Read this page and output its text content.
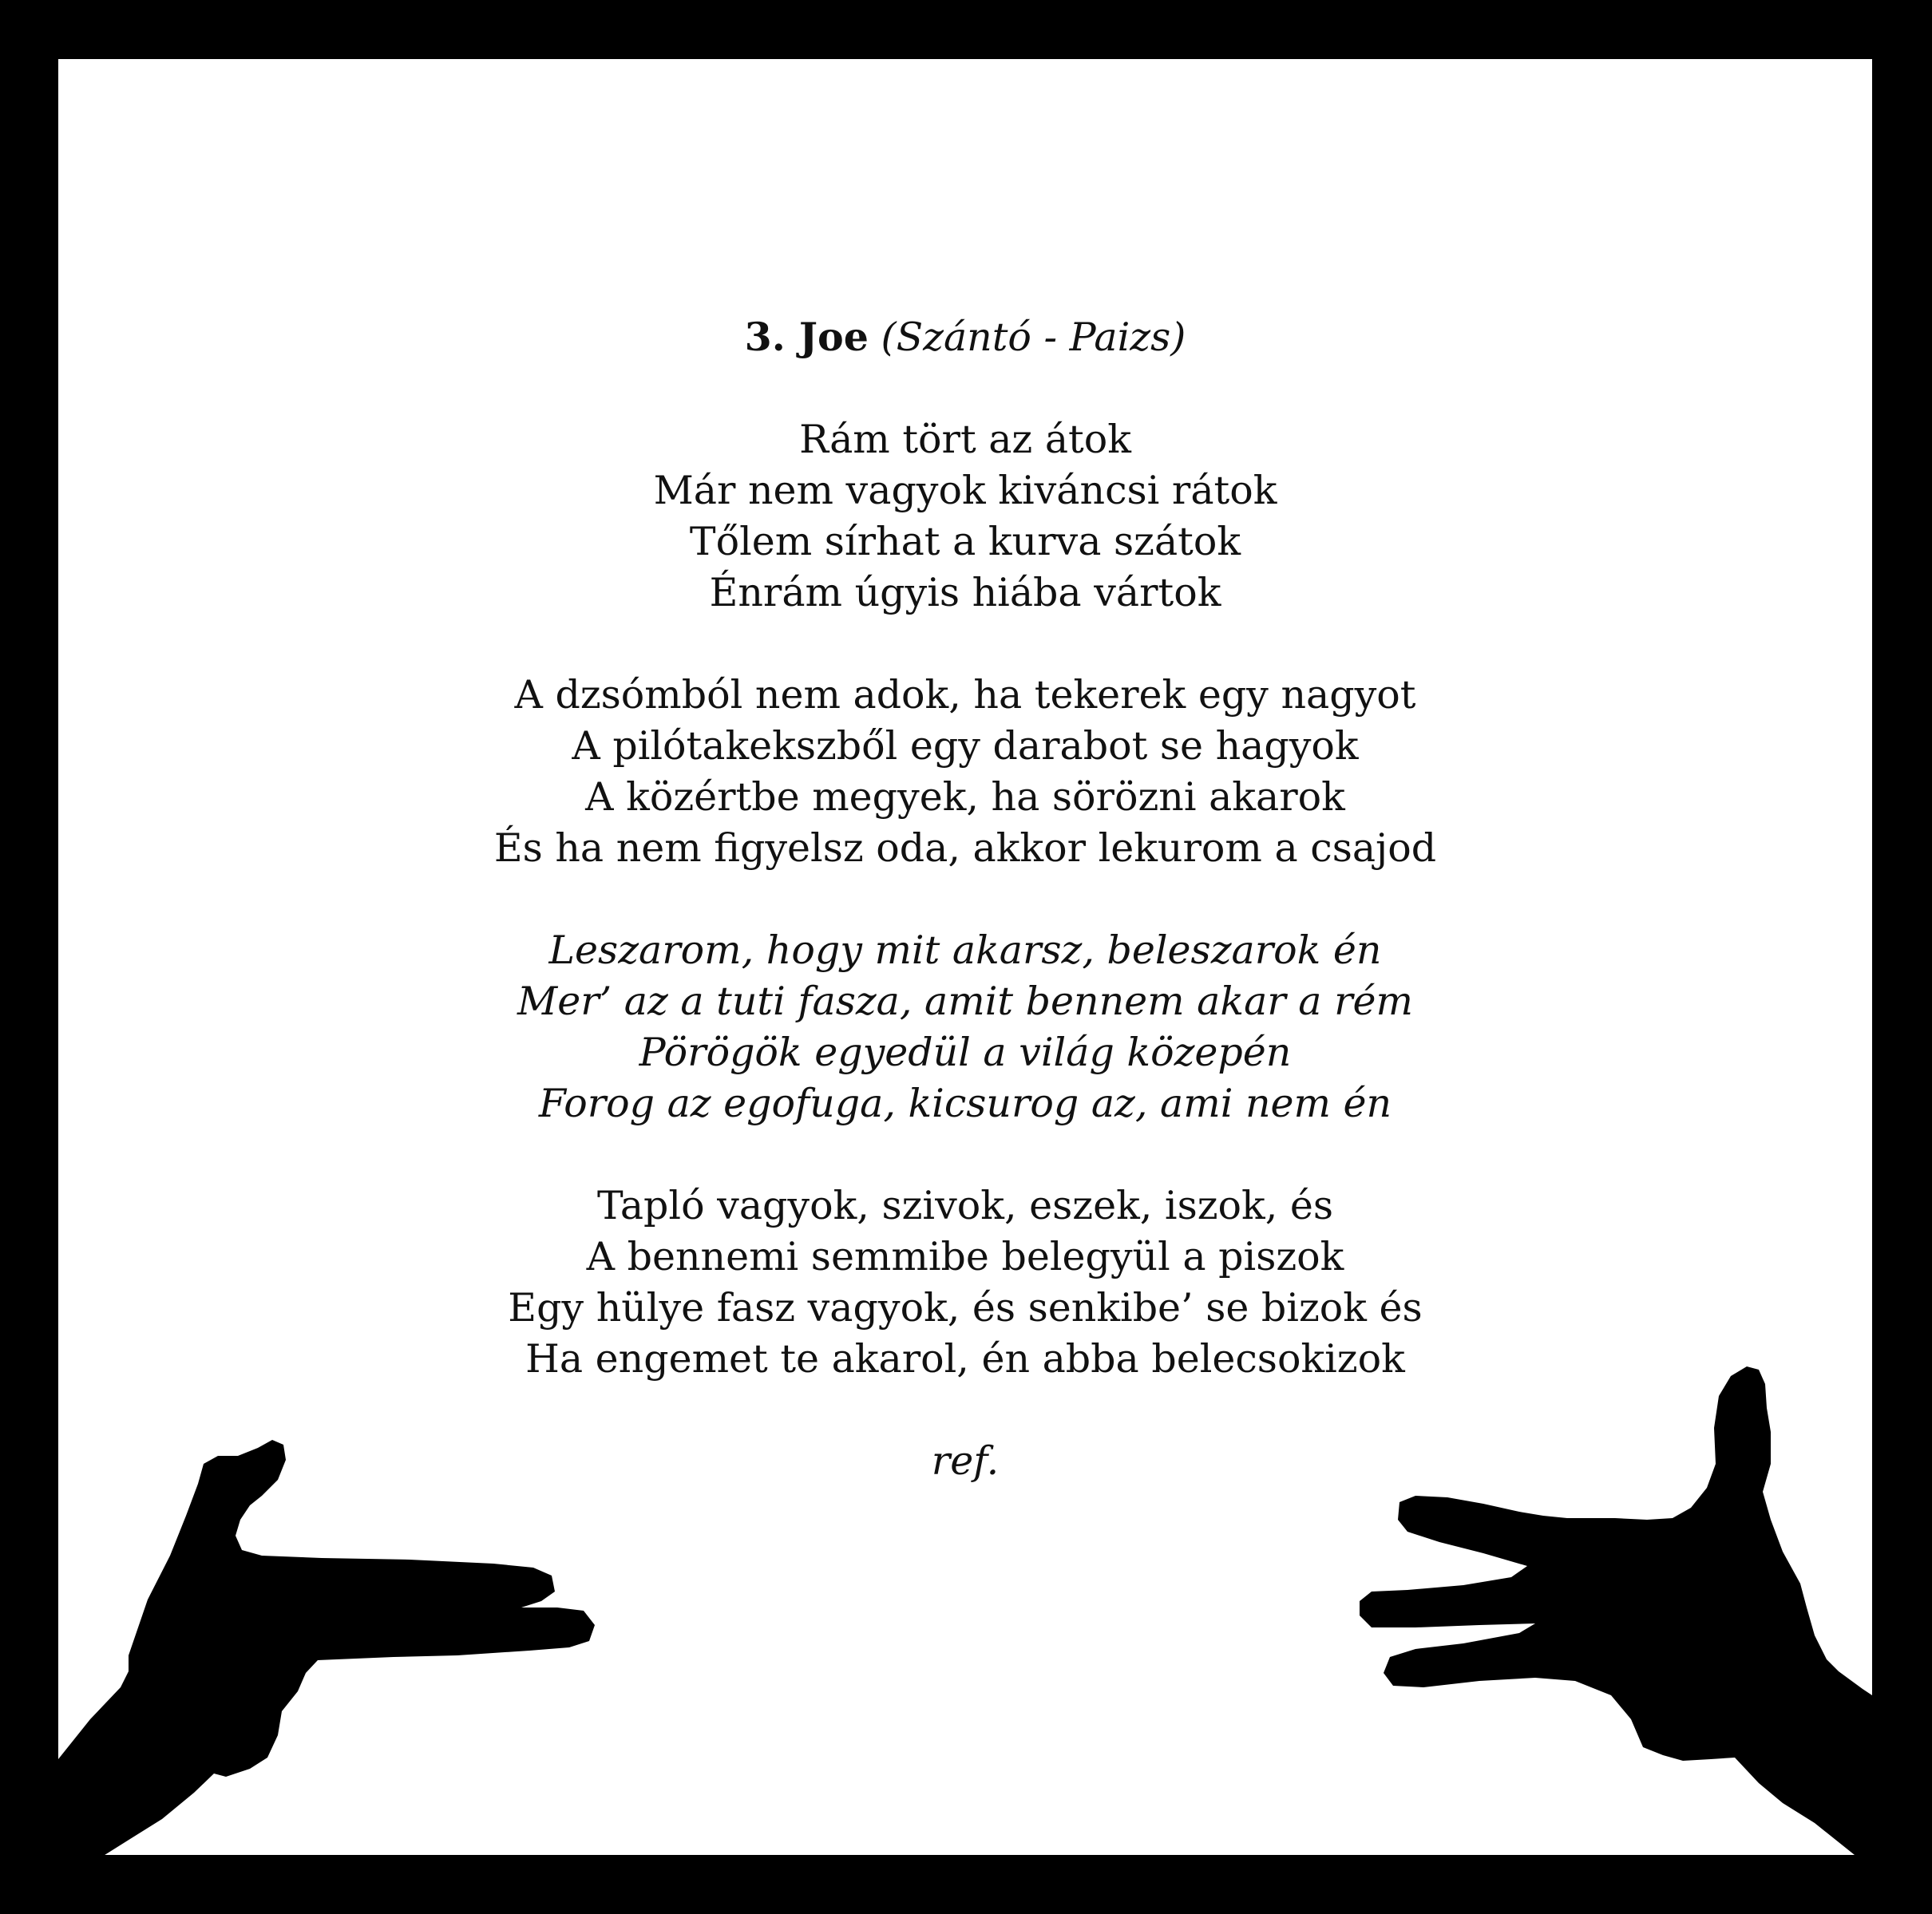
3. Joe (Szántó - Paizs)
Rám tört az átok
Már nem vagyok kiváncsi rátok
Tőlem sírhat a kurva szátok
Énrám úgyis hiába vártok
A dzsómból nem adok, ha tekerek egy nagyot
A pilótakekszből egy darabot se hagyok
A közértbe megyek, ha sörözni akarok
És ha nem figyelsz oda, akkor lekurom a csajod
Leszarom, hogy mit akarsz, beleszarok én
Mer’ az a tuti fasza, amit bennem akar a rém
Pörögök egyedül a világ közepén
Forog az egofuga, kicsurog az, ami nem én
Tapló vagyok, szivok, eszek, iszok, és
A bennemi semmibe belegyül a piszok
Egy hülye fasz vagyok, és senkibe’ se bizok és
Ha engemet te akarol, én abba belecsokizok
ref.
